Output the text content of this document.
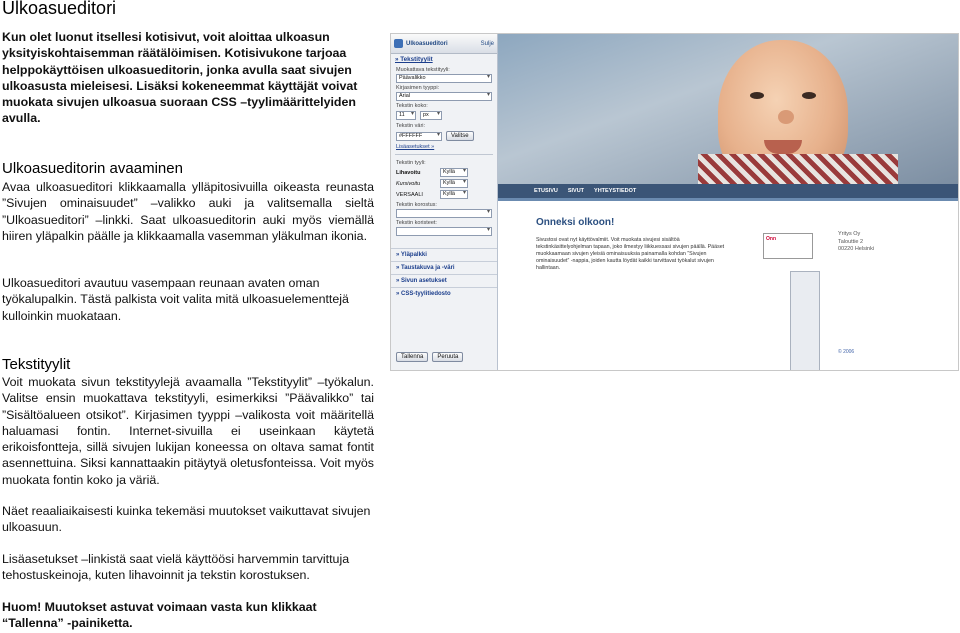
Ulkoasueditori

Kun olet luonut itsellesi kotisivut, voit aloittaa ulkoasun yksityiskohtaisemman räätälöimisen. Kotisivukone tarjoaa helppokäyttöisen ulkoasueditorin, jonka avulla saat sivujen ulkoasusta mieleisesi. Lisäksi kokeneemmat käyttäjät voivat muokata sivujen ulkoasua suoraan CSS –tyylimäärittelyiden avulla.

Ulkoasueditorin avaaminen

Avaa ulkoasueditori klikkaamalla ylläpitosivuilla oikeasta reunasta ”Sivujen ominaisuudet” –valikko auki ja valitsemalla sieltä ”Ulkoasueditori” –linkki. Saat ulkoasueditorin auki myös viemällä hiiren yläpalkin päälle ja klikkaamalla vasemman yläkulman ikonia.

Ulkoasueditori avautuu vasempaan reunaan avaten oman työkalupalkin. Tästä palkista voit valita mitä ulkoasuelementtejä kulloinkin muokataan.

Tekstityylit

Voit muokata sivun tekstityylejä avaamalla ”Tekstityylit” –työkalun. Valitse ensin muokattava tekstityyli, esimerkiksi ”Päävalikko” tai ”Sisältöalueen otsikot”. Kirjasimen tyyppi –valikosta voit määritellä haluamasi fontin. Internet-sivuilla ei useinkaan käytetä erikoisfontteja, sillä sivujen lukijan koneessa on oltava samat fontit asennettuina. Siksi kannattaakin pitäytyä oletusfonteissa. Voit myös muokata fontin koko ja väriä.

Näet reaaliaikaisesti kuinka tekemäsi muutokset vaikuttavat sivujen ulkoasuun.

Lisäasetukset –linkistä saat vielä käyttöösi harvemmin tarvittuja tehostuskeinoja, kuten lihavoinnit ja tekstin korostuksen.

Huom! Muutokset astuvat voimaan vasta kun klikkaat “Tallenna” -painiketta.

Ulkoasueditori	Sulje
» Tekstityylit
Muokattava tekstityyli:
Päävalikko ▾
Kirjasimen tyyppi:
Arial ▾
Tekstin koko:
11 ▾	px ▾
Tekstin väri:
#FFFFFF ▾	Valitse
Lisäasetukset »
Tekstin tyyli:
Lihavoitu	Kyllä ▾
Kursivoitu	Kyllä ▾
VERSAALI	Kyllä ▾
Tekstin korostus:
▾
Tekstin koristeet:
▾
» Yläpalkki
» Taustakuva ja -väri
» Sivun asetukset
» CSS-tyylitiedosto
Tallenna	Peruuta
ETUSIVU SIVUT YHTEYSTIEDOT
Onneksi olkoon!
Sivustosi ovat nyt käyttövalmiit. Voit muokata sivujesi sisältöä tekstinkäsittelyohjelman tapaan, joko ilmestyy liikkuessasi sivujen päällä. Pääset muokkaamaan sivujen yleisiä ominaisuuksia painamalla kohdan ”Sivujen ominaisuudet” -nappia, joiden kautta löydät kaikki tarvittavat työkalut sivujen hallintaan.
Onn
Yritys Oy
Talouttie 2
00220 Helsinki
© 2006
